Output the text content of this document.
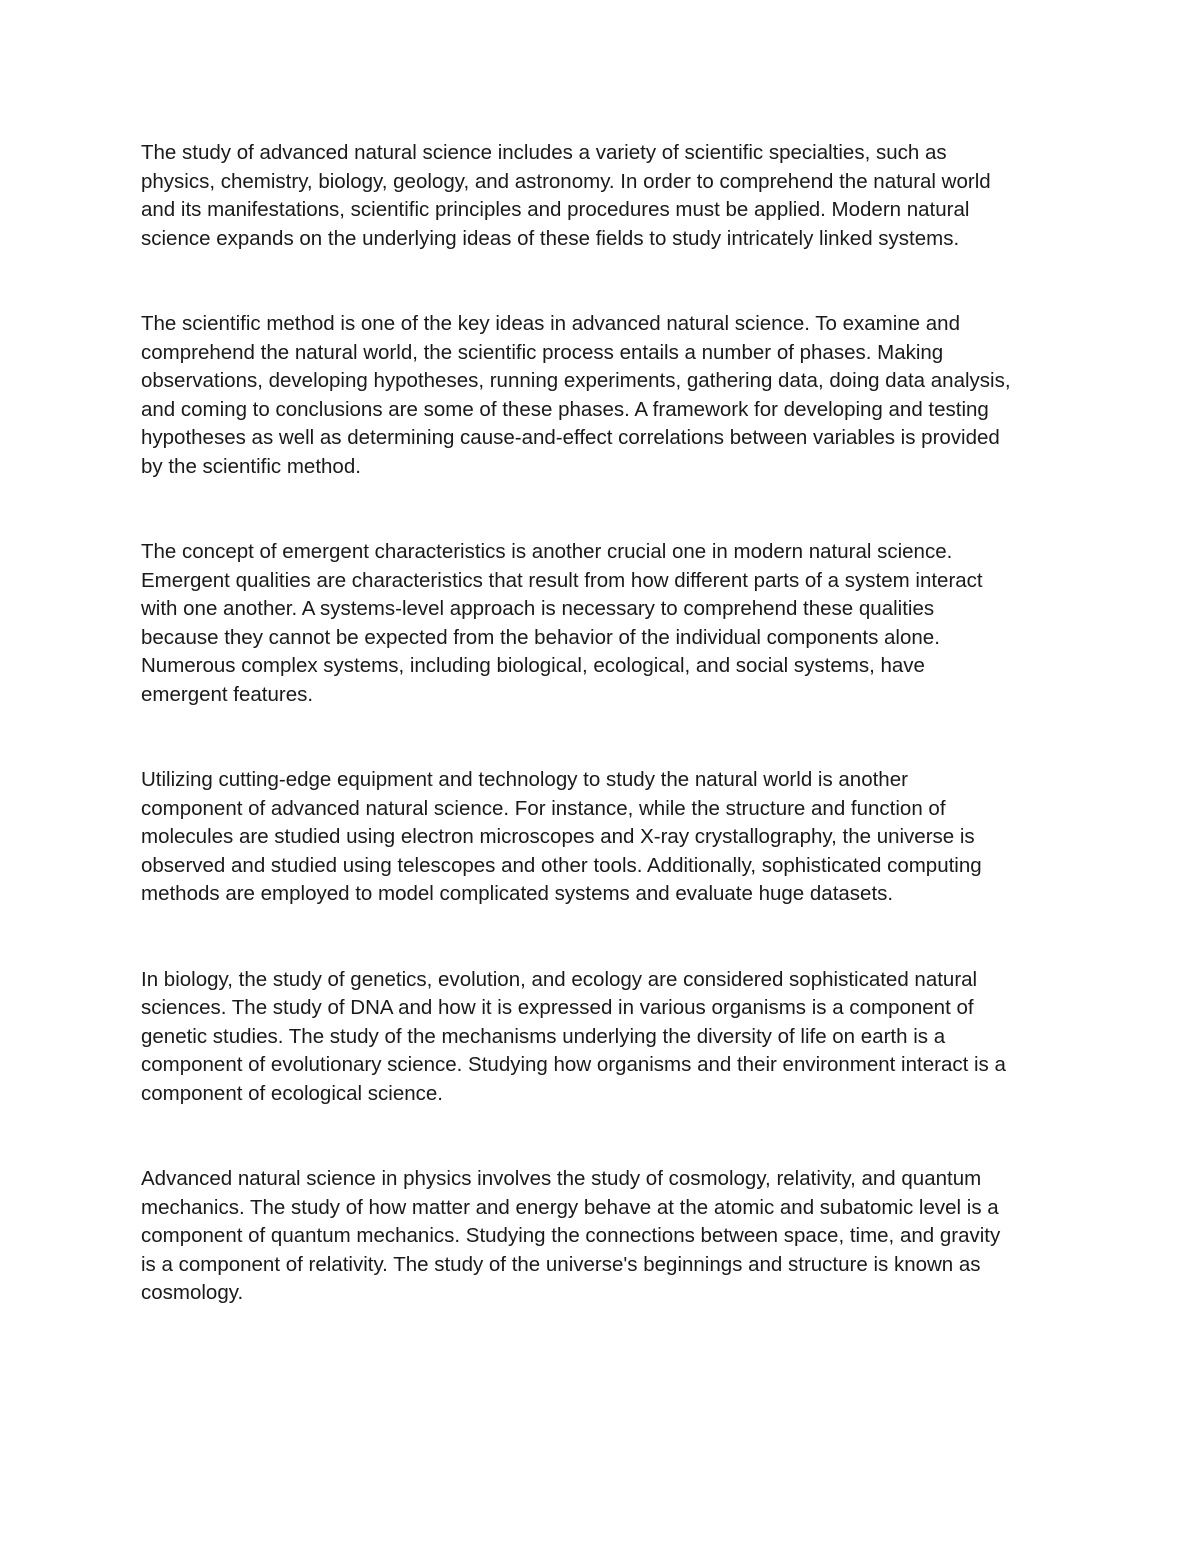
The study of advanced natural science includes a variety of scientific specialties, such as
physics, chemistry, biology, geology, and astronomy. In order to comprehend the natural world
and its manifestations, scientific principles and procedures must be applied. Modern natural
science expands on the underlying ideas of these fields to study intricately linked systems.

The scientific method is one of the key ideas in advanced natural science. To examine and
comprehend the natural world, the scientific process entails a number of phases. Making
observations, developing hypotheses, running experiments, gathering data, doing data analysis,
and coming to conclusions are some of these phases. A framework for developing and testing
hypotheses as well as determining cause-and-effect correlations between variables is provided
by the scientific method.

The concept of emergent characteristics is another crucial one in modern natural science.
Emergent qualities are characteristics that result from how different parts of a system interact
with one another. A systems-level approach is necessary to comprehend these qualities
because they cannot be expected from the behavior of the individual components alone.
Numerous complex systems, including biological, ecological, and social systems, have
emergent features.

Utilizing cutting-edge equipment and technology to study the natural world is another
component of advanced natural science. For instance, while the structure and function of
molecules are studied using electron microscopes and X-ray crystallography, the universe is
observed and studied using telescopes and other tools. Additionally, sophisticated computing
methods are employed to model complicated systems and evaluate huge datasets.

In biology, the study of genetics, evolution, and ecology are considered sophisticated natural
sciences. The study of DNA and how it is expressed in various organisms is a component of
genetic studies. The study of the mechanisms underlying the diversity of life on earth is a
component of evolutionary science. Studying how organisms and their environment interact is a
component of ecological science.

Advanced natural science in physics involves the study of cosmology, relativity, and quantum
mechanics. The study of how matter and energy behave at the atomic and subatomic level is a
component of quantum mechanics. Studying the connections between space, time, and gravity
is a component of relativity. The study of the universe's beginnings and structure is known as
cosmology.
